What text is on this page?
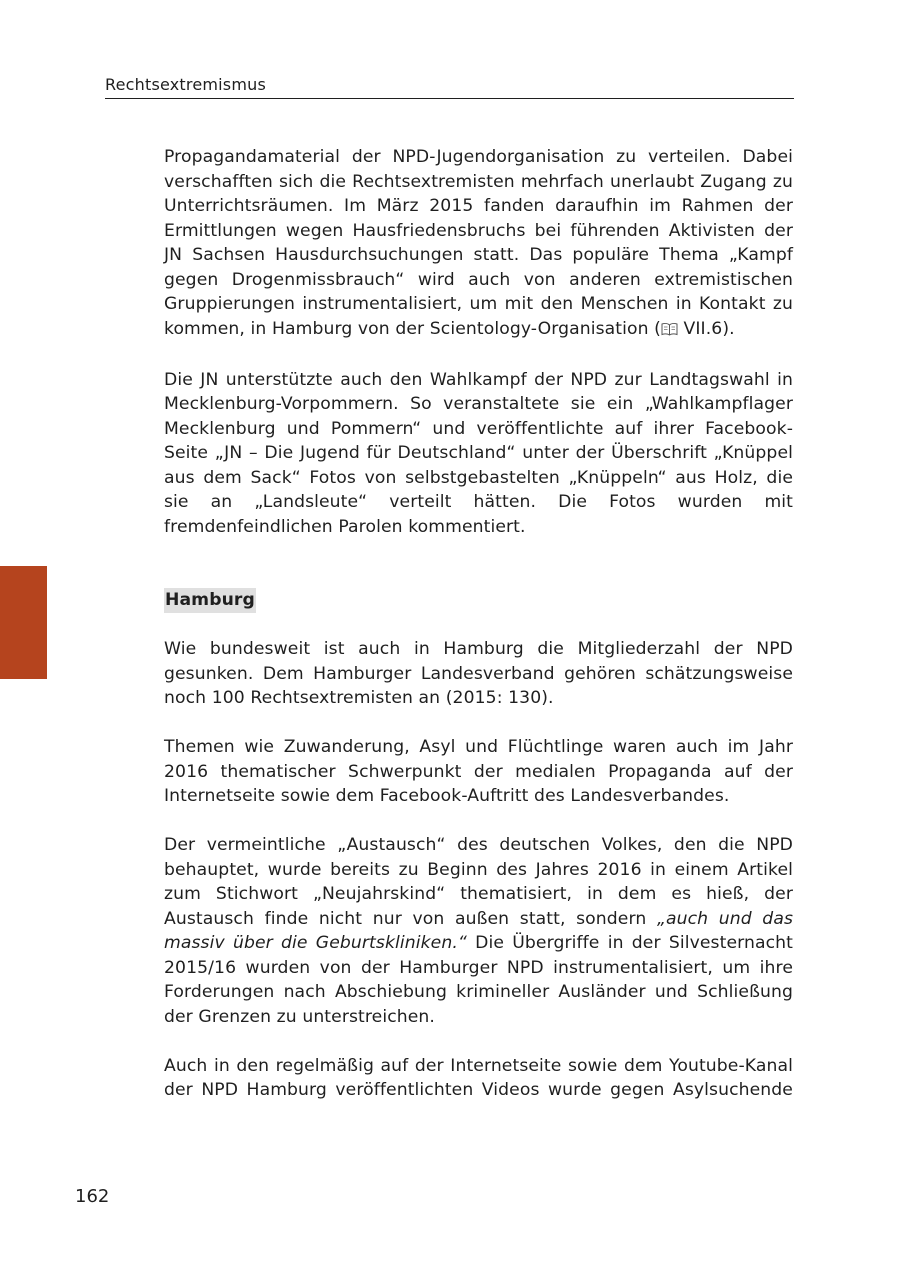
Rechtsextremismus

Propagandamaterial der NPD-Jugendorganisation zu verteilen. Dabei verschafften sich die Rechtsextremisten mehrfach unerlaubt Zugang zu Unterrichtsräumen. Im März 2015 fanden daraufhin im Rahmen der Ermittlungen wegen Hausfriedensbruchs bei führenden Aktivisten der JN Sachsen Hausdurchsuchungen statt. Das populäre Thema „Kampf gegen Drogenmissbrauch“ wird auch von anderen extremistischen Gruppierungen instrumentalisiert, um mit den Menschen in Kontakt zu kommen, in Hamburg von der Scientology-Organisation ( VII.6).

Die JN unterstützte auch den Wahlkampf der NPD zur Landtagswahl in Mecklenburg-Vorpommern. So veranstaltete sie ein „Wahlkampflager Mecklenburg und Pommern“ und veröffentlichte auf ihrer Facebook-Seite „JN – Die Jugend für Deutschland“ unter der Überschrift „Knüppel aus dem Sack“ Fotos von selbstgebastelten „Knüppeln“ aus Holz, die sie an „Landsleute“ verteilt hätten. Die Fotos wurden mit fremdenfeindlichen Parolen kommentiert.

Hamburg

Wie bundesweit ist auch in Hamburg die Mitgliederzahl der NPD gesunken. Dem Hamburger Landesverband gehören schätzungsweise noch 100 Rechtsextremisten an (2015: 130).

Themen wie Zuwanderung, Asyl und Flüchtlinge waren auch im Jahr 2016 thematischer Schwerpunkt der medialen Propaganda auf der Internetseite sowie dem Facebook-Auftritt des Landesverbandes.

Der vermeintliche „Austausch“ des deutschen Volkes, den die NPD behauptet, wurde bereits zu Beginn des Jahres 2016 in einem Artikel zum Stichwort „Neujahrskind“ thematisiert, in dem es hieß, der Austausch finde nicht nur von außen statt, sondern „auch und das massiv über die Geburtskliniken.“ Die Übergriffe in der Silvesternacht 2015/16 wurden von der Hamburger NPD instrumentalisiert, um ihre Forderungen nach Abschiebung krimineller Ausländer und Schließung der Grenzen zu unterstreichen.

Auch in den regelmäßig auf der Internetseite sowie dem Youtube-Kanal der NPD Hamburg veröffentlichten Videos wurde gegen Asylsuchende

162
